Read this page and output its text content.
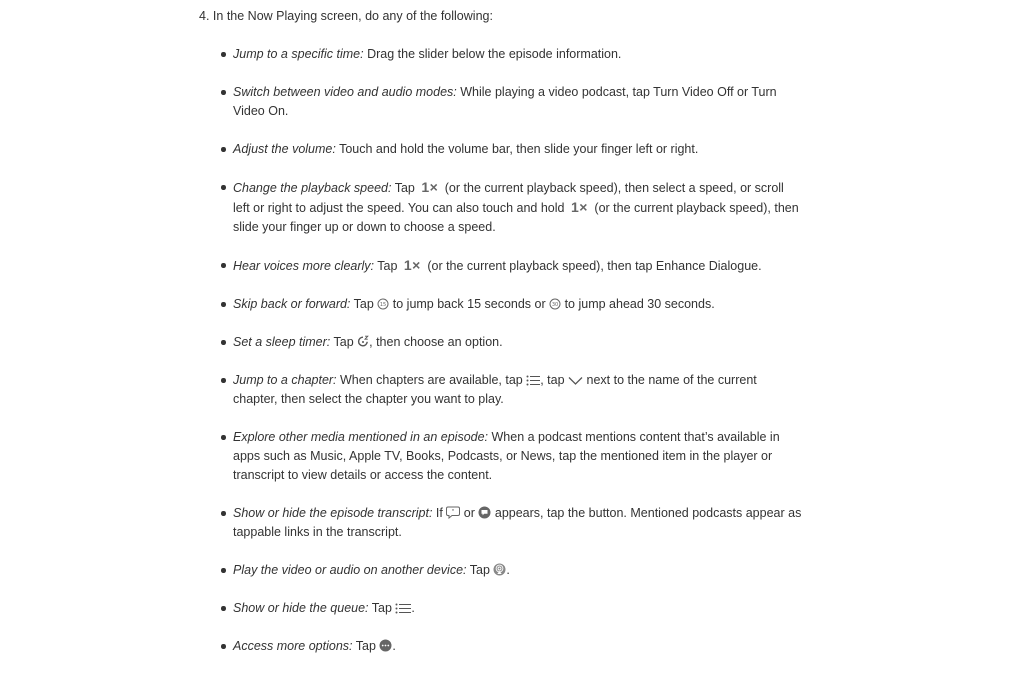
4. In the Now Playing screen, do any of the following:
Jump to a specific time: Drag the slider below the episode information.
Switch between video and audio modes: While playing a video podcast, tap Turn Video Off or Turn Video On.
Adjust the volume: Touch and hold the volume bar, then slide your finger left or right.
Change the playback speed: Tap 1× (or the current playback speed), then select a speed, or scroll left or right to adjust the speed. You can also touch and hold 1× (or the current playback speed), then slide your finger up or down to choose a speed.
Hear voices more clearly: Tap 1× (or the current playback speed), then tap Enhance Dialogue.
Skip back or forward: Tap 15 to jump back 15 seconds or 30 to jump ahead 30 seconds.
Set a sleep timer: Tap
, then choose an option.
Jump to a chapter: When chapters are available, tap
, tap
next to the name of the current chapter, then select the chapter you want to play.
Explore other media mentioned in an episode: When a podcast mentions content that’s available in apps such as Music, Apple TV, Books, Podcasts, or News, tap the mentioned item in the player or transcript to view details or access the content.
Show or hide the episode transcript: If " or
appears, tap the button. Mentioned podcasts appear as tappable links in the transcript.
Play the video or audio on another device: Tap
.
Show or hide the queue: Tap
.
Access more options: Tap
.
